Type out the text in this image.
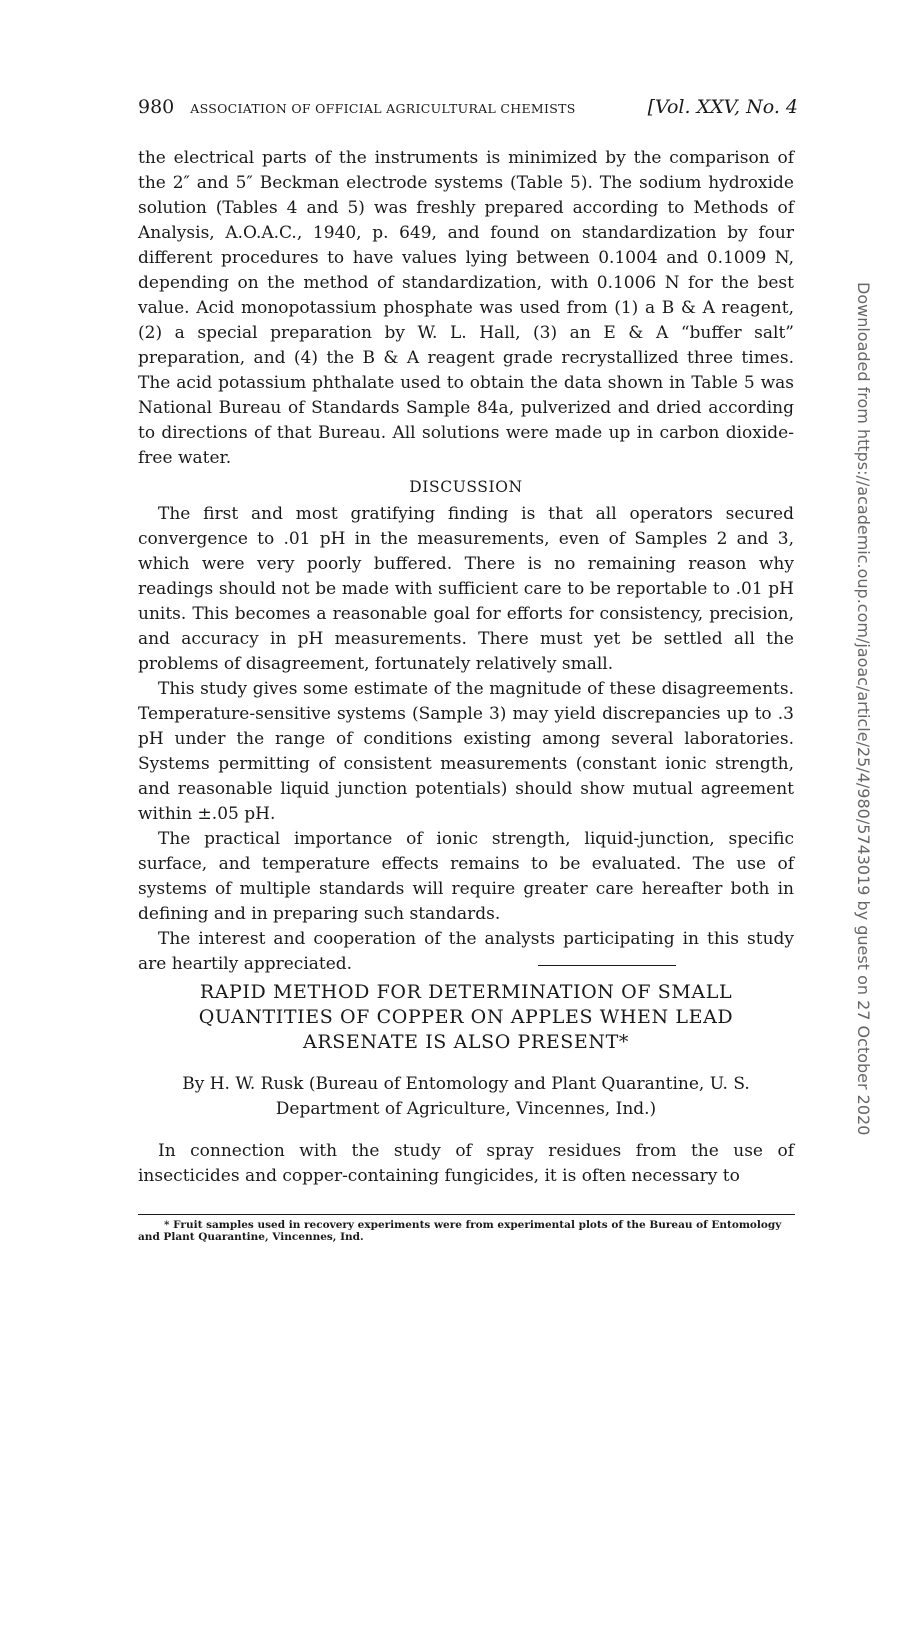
980 ASSOCIATION OF OFFICIAL AGRICULTURAL CHEMISTS	[Vol. XXV, No. 4

the electrical parts of the instruments is minimized by the comparison of the 2″ and 5″ Beckman electrode systems (Table 5). The sodium hydroxide solution (Tables 4 and 5) was freshly prepared according to Methods of Analysis, A.O.A.C., 1940, p. 649, and found on standardization by four different procedures to have values lying between 0.1004 and 0.1009 N, depending on the method of standardization, with 0.1006 N for the best value. Acid monopotassium phosphate was used from (1) a B & A reagent, (2) a special preparation by W. L. Hall, (3) an E & A “buffer salt” preparation, and (4) the B & A reagent grade recrystallized three times. The acid potassium phthalate used to obtain the data shown in Table 5 was National Bureau of Standards Sample 84a, pulverized and dried according to directions of that Bureau. All solutions were made up in carbon dioxide-free water.

DISCUSSION

The first and most gratifying finding is that all operators secured convergence to .01 pH in the measurements, even of Samples 2 and 3, which were very poorly buffered. There is no remaining reason why readings should not be made with sufficient care to be reportable to .01 pH units. This becomes a reasonable goal for efforts for consistency, precision, and accuracy in pH measurements. There must yet be settled all the problems of disagreement, fortunately relatively small.

This study gives some estimate of the magnitude of these disagreements. Temperature-sensitive systems (Sample 3) may yield discrepancies up to .3 pH under the range of conditions existing among several laboratories. Systems permitting of consistent measurements (constant ionic strength, and reasonable liquid junction potentials) should show mutual agreement within ±.05 pH.

The practical importance of ionic strength, liquid-junction, specific surface, and temperature effects remains to be evaluated. The use of systems of multiple standards will require greater care hereafter both in defining and in preparing such standards.

The interest and cooperation of the analysts participating in this study are heartily appreciated.

RAPID METHOD FOR DETERMINATION OF SMALL QUANTITIES OF COPPER ON APPLES WHEN LEAD ARSENATE IS ALSO PRESENT*
By H. W. Rusk (Bureau of Entomology and Plant Quarantine, U. S. Department of Agriculture, Vincennes, Ind.)

In connection with the study of spray residues from the use of insecticides and copper-containing fungicides, it is often necessary to

* Fruit samples used in recovery experiments were from experimental plots of the Bureau of Entomology and Plant Quarantine, Vincennes, Ind.
Downloaded from https://academic.oup.com/jaoac/article/25/4/980/5743019 by guest on 27 October 2020
